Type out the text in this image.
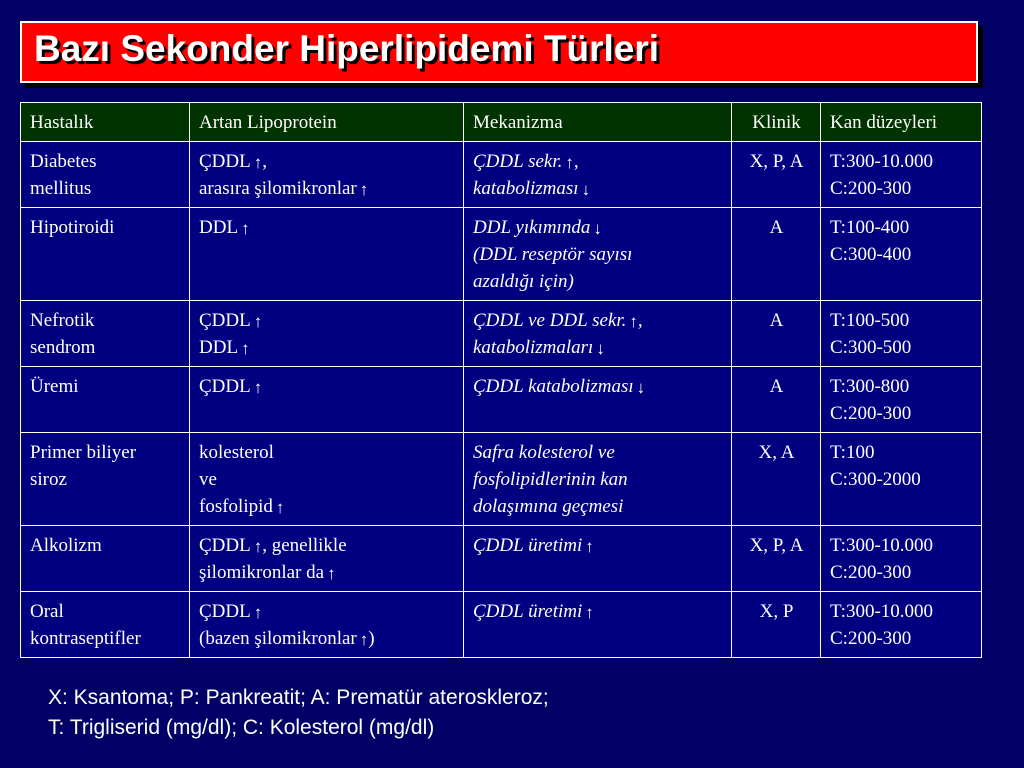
Bazı Sekonder Hiperlipidemi Türleri
Hastalık	Artan Lipoprotein	Mekanizma	Klinik	Kan düzeyleri

Diabetes
mellitus	ÇDDL ↑,
arasıra şilomikronlar ↑	ÇDDL sekr. ↑,
katabolizması ↓	X, P, A	T:300-10.000
C:200-300

Hipotiroidi	DDL ↑	DDL yıkımında ↓
(DDL reseptör sayısı
azaldığı için)	A	T:100-400
C:300-400

Nefrotik
sendrom	ÇDDL ↑
DDL ↑	ÇDDL ve DDL sekr. ↑,
katabolizmaları ↓	A	T:100-500
C:300-500

Üremi	ÇDDL ↑	ÇDDL katabolizması ↓	A	T:300-800
C:200-300

Primer biliyer
siroz	kolesterol
ve
fosfolipid ↑	Safra kolesterol ve
fosfolipidlerinin kan
dolaşımına geçmesi	X, A	T:100
C:300-2000

Alkolizm	ÇDDL ↑, genellikle
şilomikronlar da ↑	ÇDDL üretimi ↑	X, P, A	T:300-10.000
C:200-300

Oral
kontraseptifler	ÇDDL ↑
(bazen şilomikronlar ↑)	ÇDDL üretimi ↑	X, P	T:300-10.000
C:200-300
X: Ksantoma; P: Pankreatit; A: Prematür ateroskleroz;
T: Trigliserid (mg/dl); C: Kolesterol (mg/dl)
